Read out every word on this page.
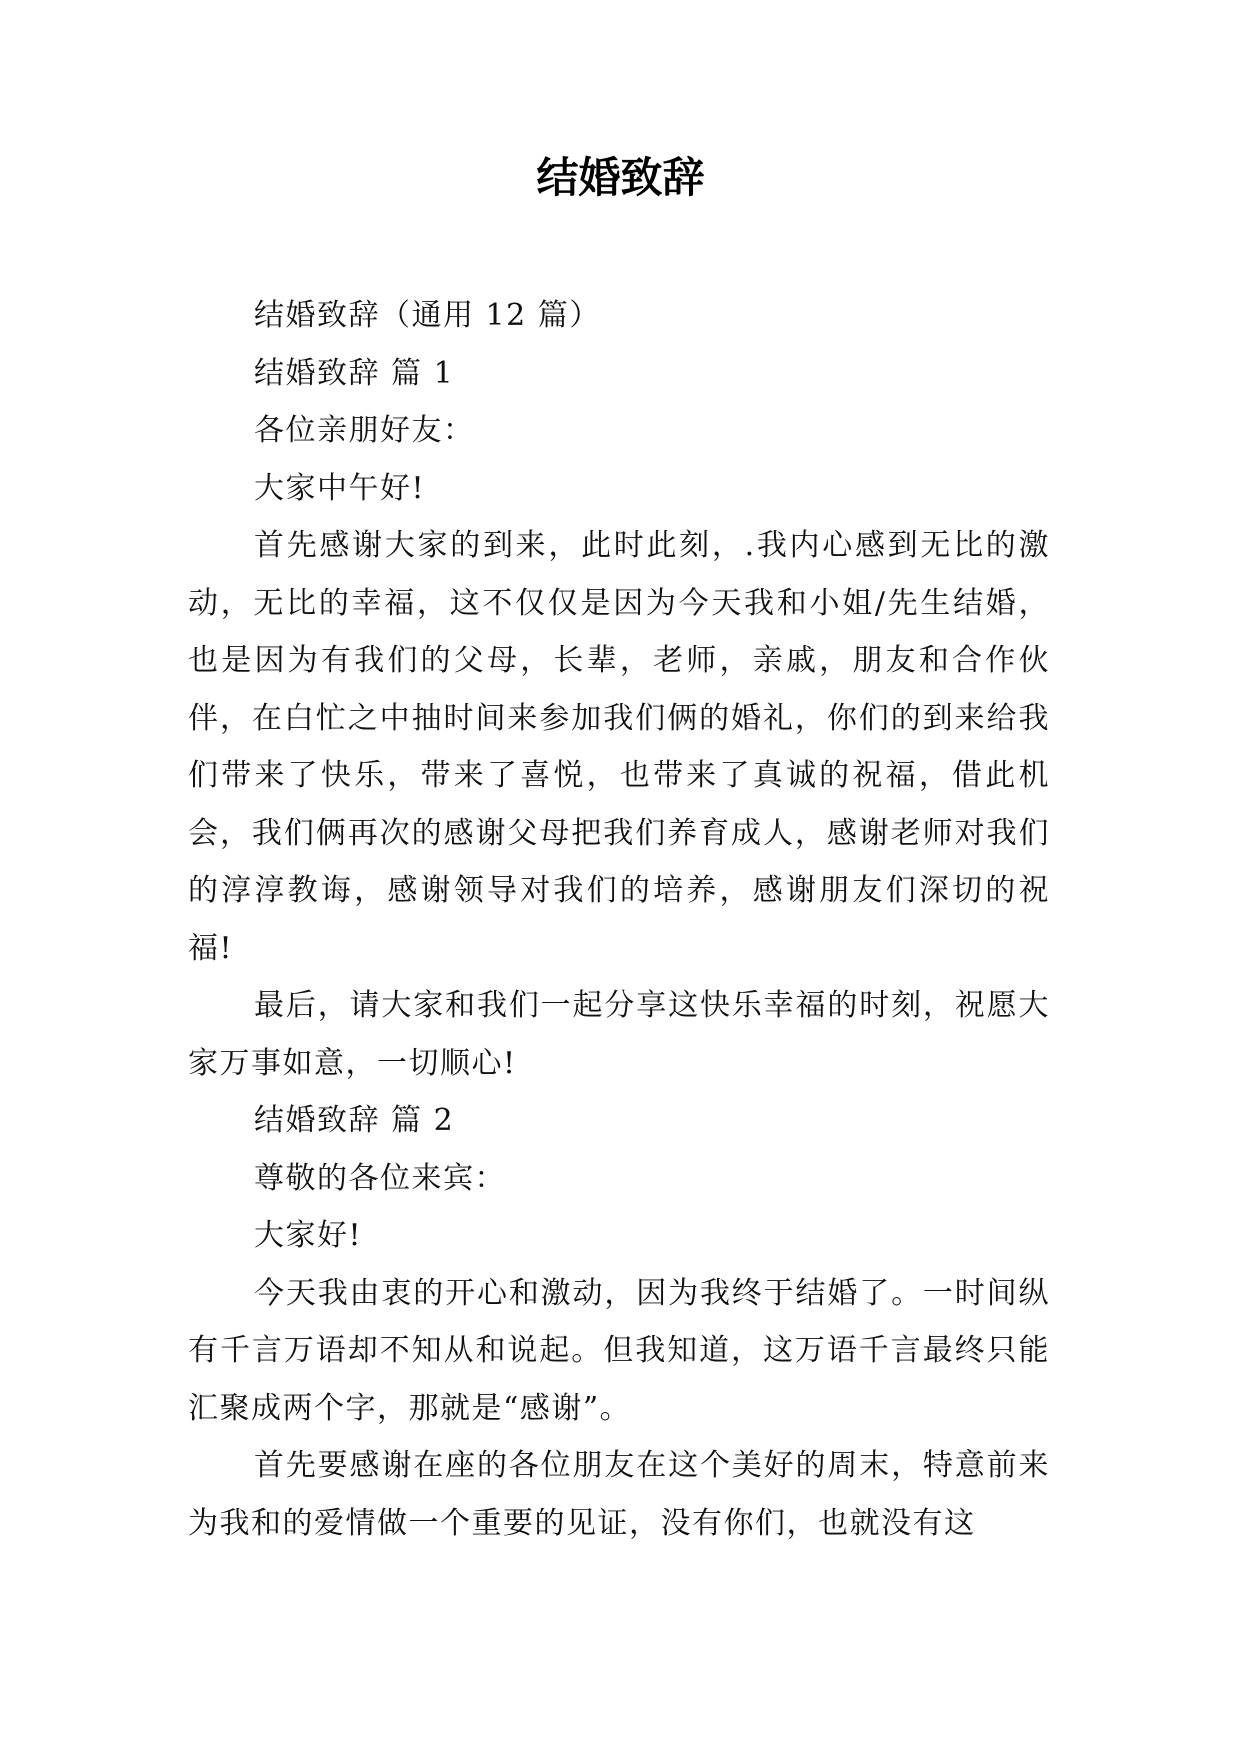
结婚致辞

结婚致辞（通用 12 篇）

结婚致辞 篇 1

各位亲朋好友：

大家中午好!

首先感谢大家的到来，此时此刻，.我内心感到无比的激动，无比的幸福，这不仅仅是因为今天我和小姐/先生结婚，也是因为有我们的父母，长辈，老师，亲戚，朋友和合作伙伴，在白忙之中抽时间来参加我们俩的婚礼，你们的到来给我们带来了快乐，带来了喜悦，也带来了真诚的祝福，借此机会，我们俩再次的感谢父母把我们养育成人，感谢老师对我们的淳淳教诲，感谢领导对我们的培养，感谢朋友们深切的祝福!

最后，请大家和我们一起分享这快乐幸福的时刻，祝愿大家万事如意，一切顺心!

结婚致辞 篇 2

尊敬的各位来宾：

大家好!

今天我由衷的开心和激动，因为我终于结婚了。一时间纵有千言万语却不知从和说起。但我知道，这万语千言最终只能汇聚成两个字，那就是“感谢”。

首先要感谢在座的各位朋友在这个美好的周末，特意前来为我和的爱情做一个重要的见证，没有你们，也就没有这
